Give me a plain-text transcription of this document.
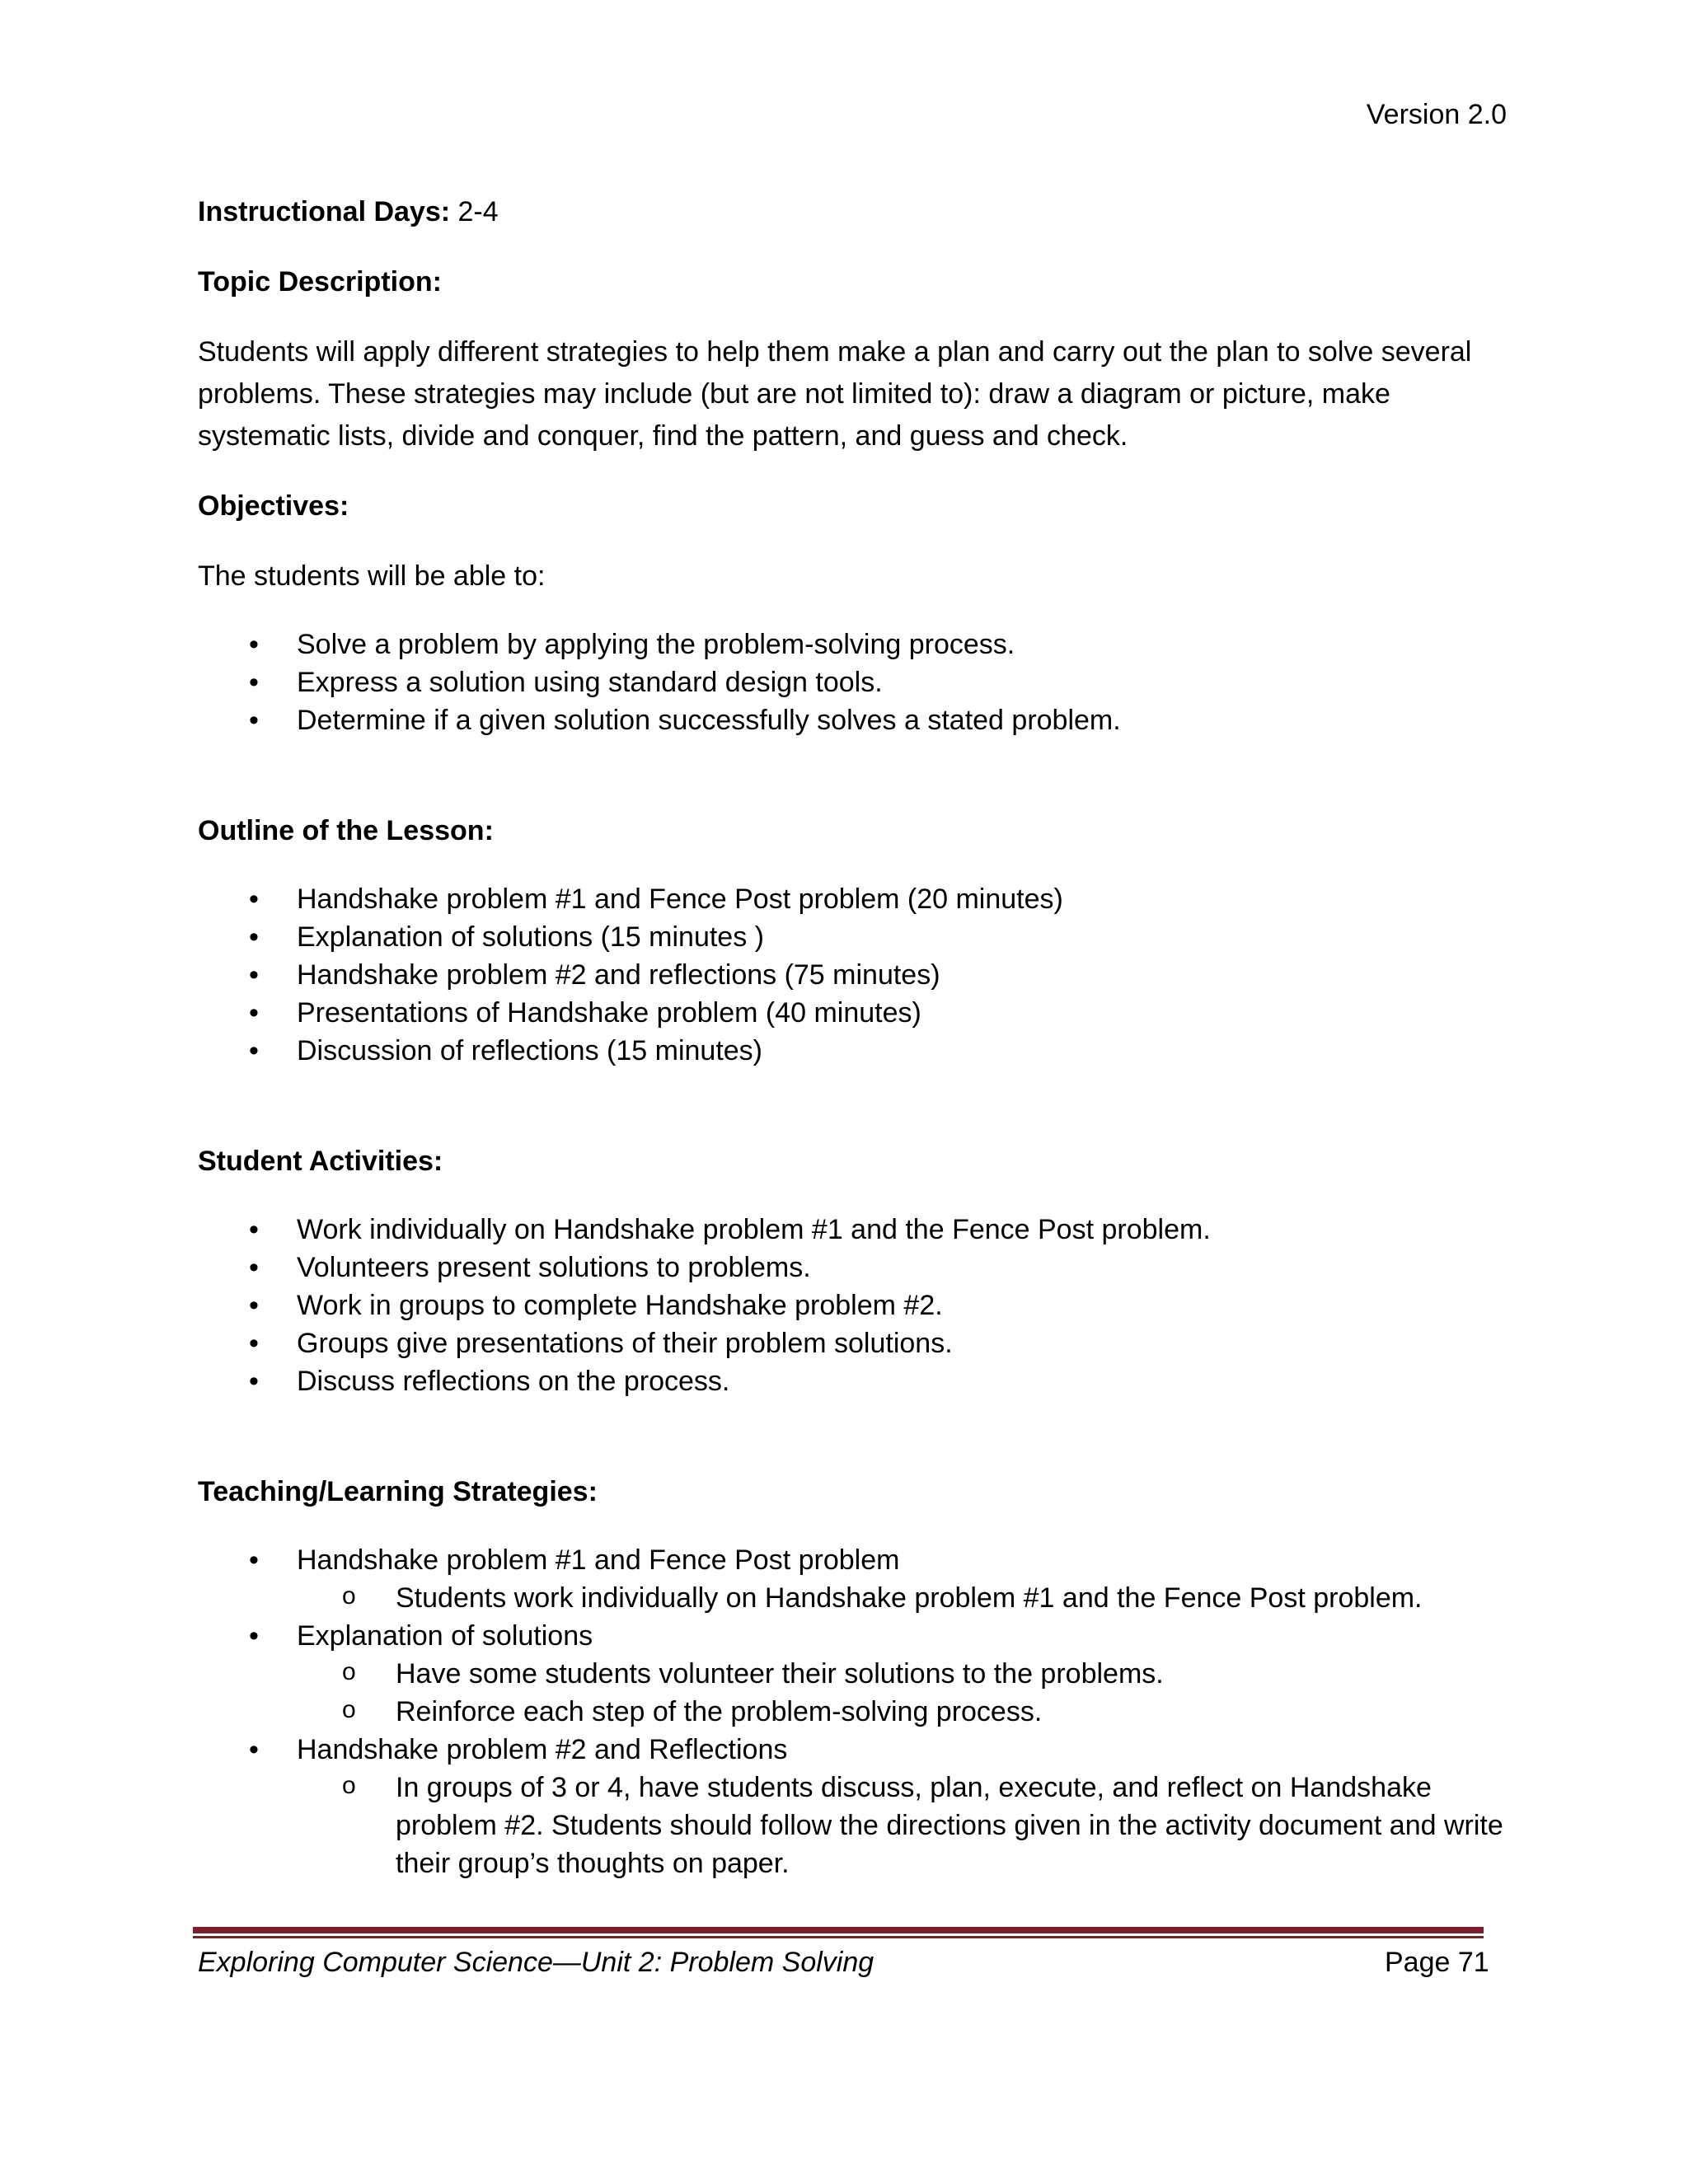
Version 2.0

Instructional Days: 2-4

Topic Description:

Students will apply different strategies to help them make a plan and carry out the plan to solve several problems. These strategies may include (but are not limited to): draw a diagram or picture, make systematic lists, divide and conquer, find the pattern, and guess and check.

Objectives:

The students will be able to:

• Solve a problem by applying the problem-solving process.
• Express a solution using standard design tools.
• Determine if a given solution successfully solves a stated problem.

Outline of the Lesson:

• Handshake problem #1 and Fence Post problem (20 minutes)
• Explanation of solutions (15 minutes )
• Handshake problem #2 and reflections (75 minutes)
• Presentations of Handshake problem (40 minutes)
• Discussion of reflections (15 minutes)

Student Activities:

• Work individually on Handshake problem #1 and the Fence Post problem.
• Volunteers present solutions to problems.
• Work in groups to complete Handshake problem #2.
• Groups give presentations of their problem solutions.
• Discuss reflections on the process.

Teaching/Learning Strategies:

• Handshake problem #1 and Fence Post problem
o Students work individually on Handshake problem #1 and the Fence Post problem.
• Explanation of solutions
o Have some students volunteer their solutions to the problems.
o Reinforce each step of the problem-solving process.
• Handshake problem #2 and Reflections
o In groups of 3 or 4, have students discuss, plan, execute, and reflect on Handshake problem #2. Students should follow the directions given in the activity document and write their group’s thoughts on paper.
Exploring Computer Science—Unit 2: Problem Solving	Page 71
